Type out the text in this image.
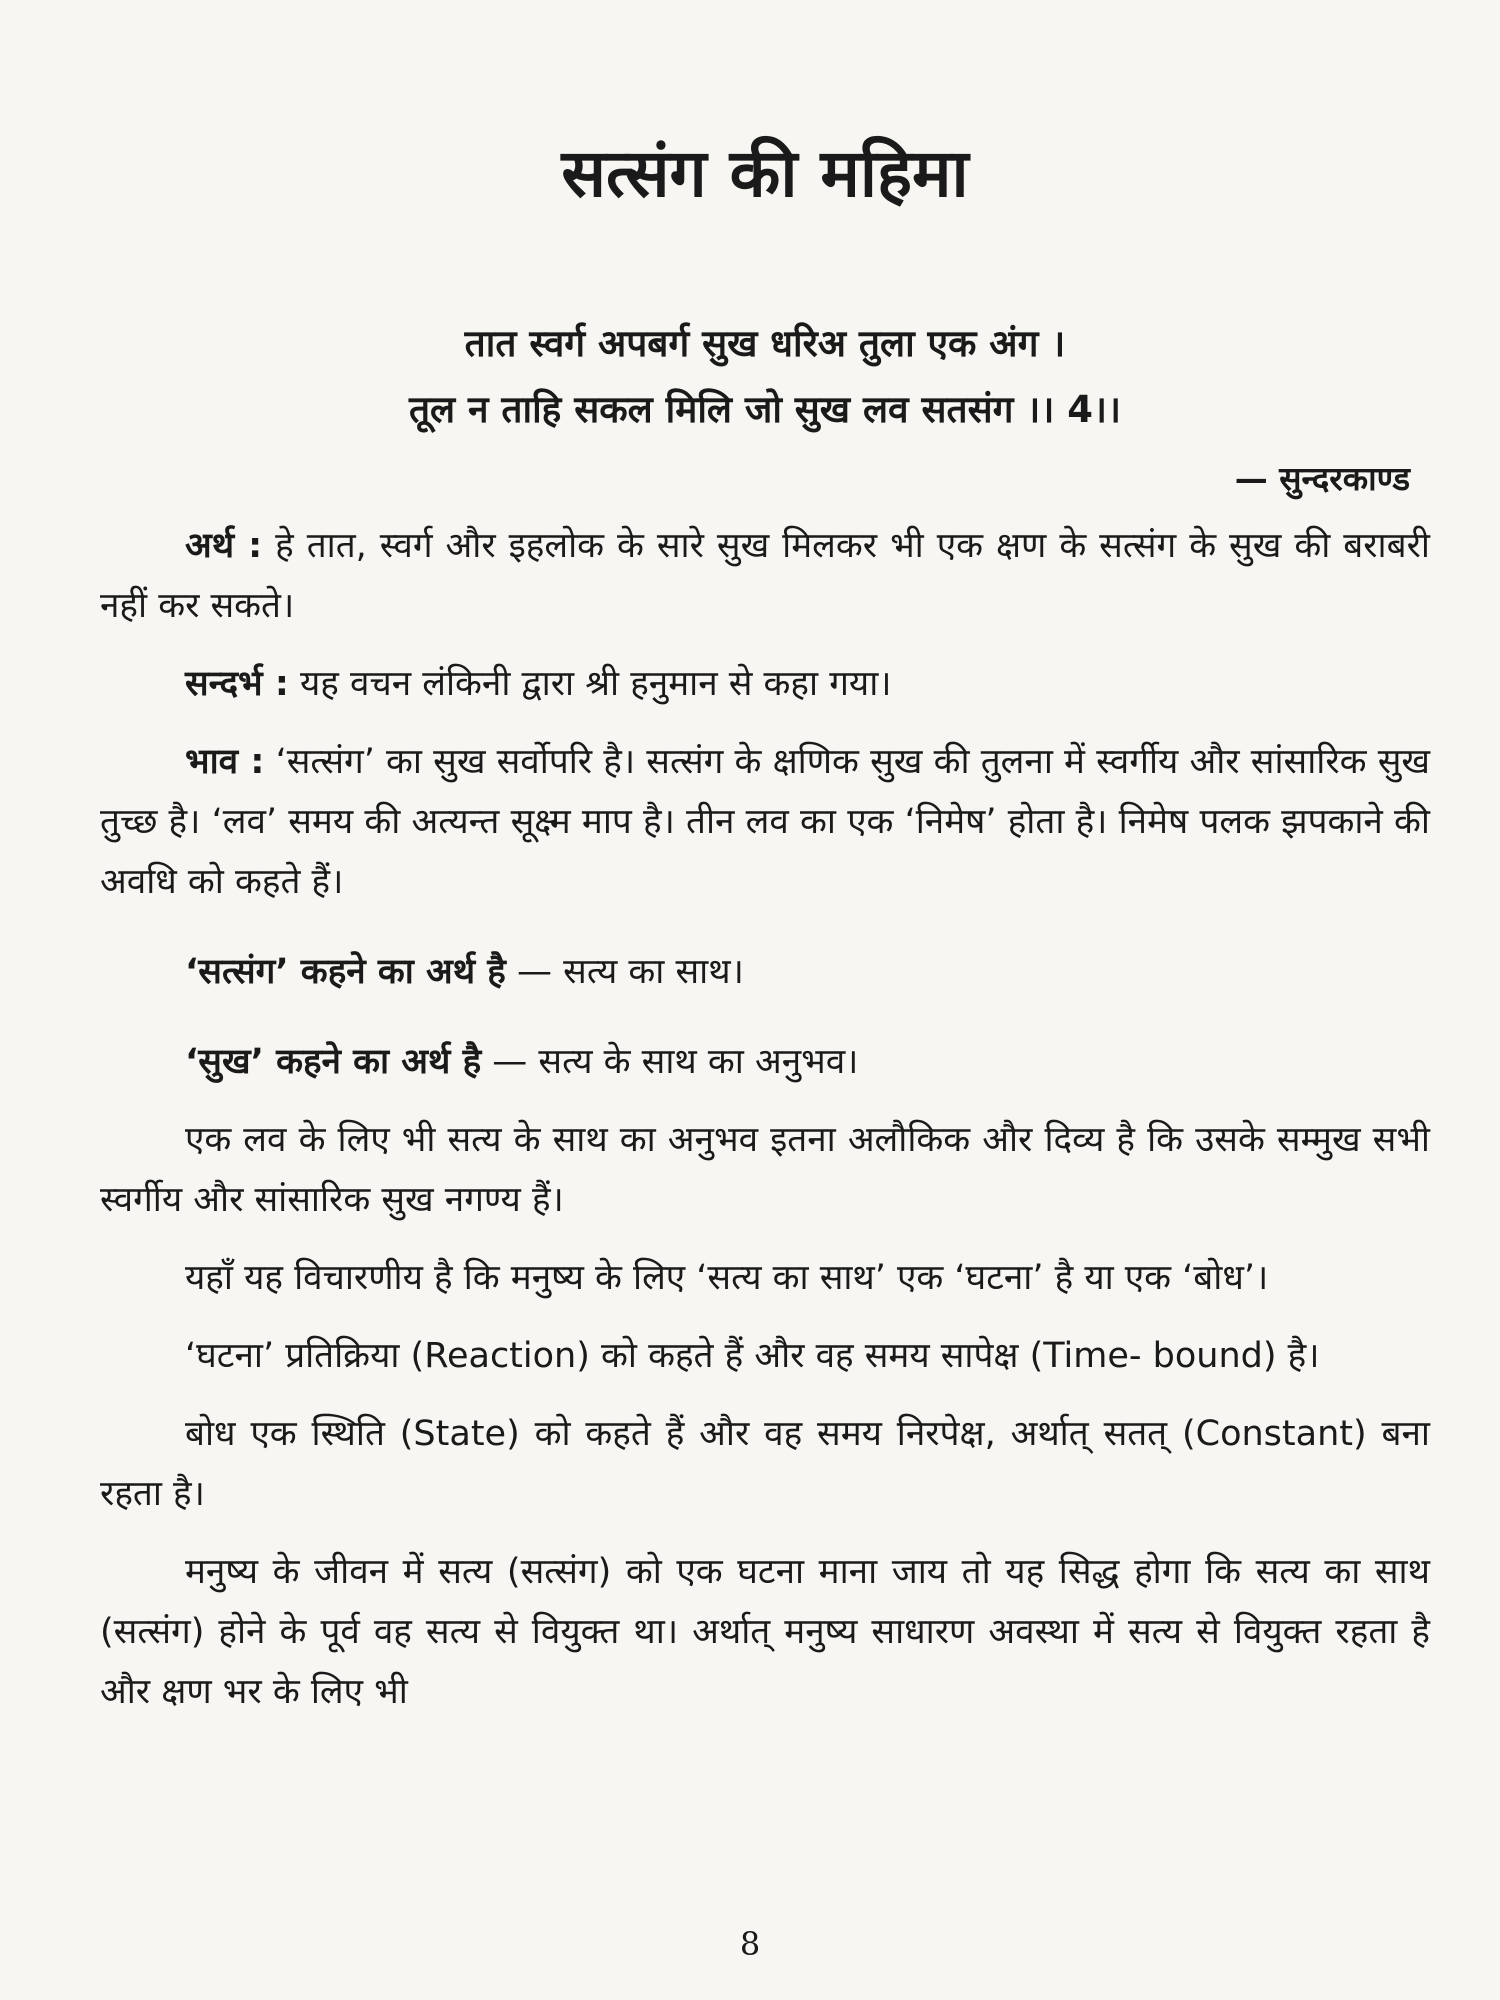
सत्संग की महिमा
तात स्वर्ग अपबर्ग सुख धरिअ तुला एक अंग ।
तूल न ताहि सकल मिलि जो सुख लव सतसंग ।। 4।।
— सुन्दरकाण्ड

अर्थ : हे तात, स्वर्ग और इहलोक के सारे सुख मिलकर भी एक क्षण के सत्संग के सुख की बराबरी नहीं कर सकते।

सन्दर्भ : यह वचन लंकिनी द्वारा श्री हनुमान से कहा गया।

भाव : ‘सत्संग’ का सुख सर्वोपरि है। सत्संग के क्षणिक सुख की तुलना में स्वर्गीय और सांसारिक सुख तुच्छ है। ‘लव’ समय की अत्यन्त सूक्ष्म माप है। तीन लव का एक ‘निमेष’ होता है। निमेष पलक झपकाने की अवधि को कहते हैं।

‘सत्संग’ कहने का अर्थ है — सत्य का साथ।

‘सुख’ कहने का अर्थ है — सत्य के साथ का अनुभव।

एक लव के लिए भी सत्य के साथ का अनुभव इतना अलौकिक और दिव्य है कि उसके सम्मुख सभी स्वर्गीय और सांसारिक सुख नगण्य हैं।

यहाँ यह विचारणीय है कि मनुष्य के लिए ‘सत्य का साथ’ एक ‘घटना’ है या एक ‘बोध’।

‘घटना’ प्रतिक्रिया (Reaction) को कहते हैं और वह समय सापेक्ष (Time- bound) है।

बोध एक स्थिति (State) को कहते हैं और वह समय निरपेक्ष, अर्थात् सतत् (Constant) बना रहता है।

मनुष्य के जीवन में सत्य (सत्संग) को एक घटना माना जाय तो यह सिद्ध होगा कि सत्य का साथ (सत्संग) होने के पूर्व वह सत्य से वियुक्त था। अर्थात् मनुष्य साधारण अवस्था में सत्य से वियुक्त रहता है और क्षण भर के लिए भी

8
